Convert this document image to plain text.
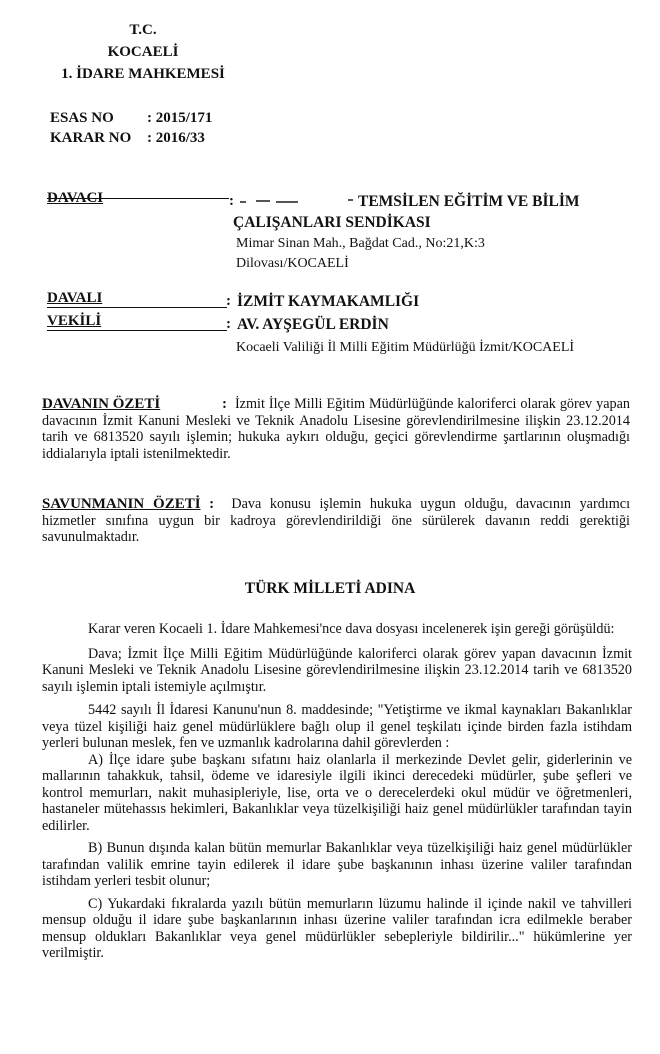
T.C.
KOCAELİ
1. İDARE MAHKEMESİ
ESAS NO : 2015/171
KARAR NO : 2016/33
DAVACI	:	TEMSİLEN EĞİTİM VE BİLİM
ÇALIŞANLARI SENDİKASI
Mimar Sinan Mah., Bağdat Cad., No:21,K:3
Dilovası/KOCAELİ
DAVALI	: İZMİT KAYMAKAMLIĞI
VEKİLİ	: AV. AYŞEGÜL ERDİN
Kocaeli Valiliği İl Milli Eğitim Müdürlüğü İzmit/KOCAELİ

DAVANIN ÖZETİ	: İzmit İlçe Milli Eğitim Müdürlüğünde kaloriferci olarak görev yapan davacının İzmit Kanuni Mesleki ve Teknik Anadolu Lisesine görevlendirilmesine ilişkin 23.12.2014 tarih ve 6813520 sayılı işlemin; hukuka aykırı olduğu, geçici görevlendirme şartlarının oluşmadığı iddialarıyla iptali istenilmektedir.

SAVUNMANIN ÖZETİ : Dava konusu işlemin hukuka uygun olduğu, davacının yardımcı hizmetler sınıfına uygun bir kadroya görevlendirildiği öne sürülerek davanın reddi gerektiği savunulmaktadır.

TÜRK MİLLETİ ADINA

Karar veren Kocaeli 1. İdare Mahkemesi'nce dava dosyası incelenerek işin gereği görüşüldü:

Dava; İzmit İlçe Milli Eğitim Müdürlüğünde kaloriferci olarak görev yapan davacının İzmit Kanuni Mesleki ve Teknik Anadolu Lisesine görevlendirilmesine ilişkin 23.12.2014 tarih ve 6813520 sayılı işlemin iptali istemiyle açılmıştır.

5442 sayılı İl İdaresi Kanunu'nun 8. maddesinde; "Yetiştirme ve ikmal kaynakları Bakanlıklar veya tüzel kişiliği haiz genel müdürlüklere bağlı olup il genel teşkilatı içinde birden fazla istihdam yerleri bulunan meslek, fen ve uzmanlık kadrolarına dahil görevlerden :

A) İlçe idare şube başkanı sıfatını haiz olanlarla il merkezinde Devlet gelir, giderlerinin ve mallarının tahakkuk, tahsil, ödeme ve idaresiyle ilgili ikinci derecedeki müdürler, şube şefleri ve kontrol memurları, nakit muhasipleriyle, lise, orta ve o derecelerdeki okul müdür ve öğretmenleri, hastaneler mütehassıs hekimleri, Bakanlıklar veya tüzelkişiliği haiz genel müdürlükler tarafından tayin edilirler.

B) Bunun dışında kalan bütün memurlar Bakanlıklar veya tüzelkişiliği haiz genel müdürlükler tarafından valilik emrine tayin edilerek il idare şube başkanının inhası üzerine valiler tarafından istihdam yerleri tesbit olunur;

C) Yukardaki fıkralarda yazılı bütün memurların lüzumu halinde il içinde nakil ve tahvilleri mensup olduğu il idare şube başkanlarının inhası üzerine valiler tarafından icra edilmekle beraber mensup oldukları Bakanlıklar veya genel müdürlükler sebepleriyle bildirilir..." hükümlerine yer verilmiştir.
